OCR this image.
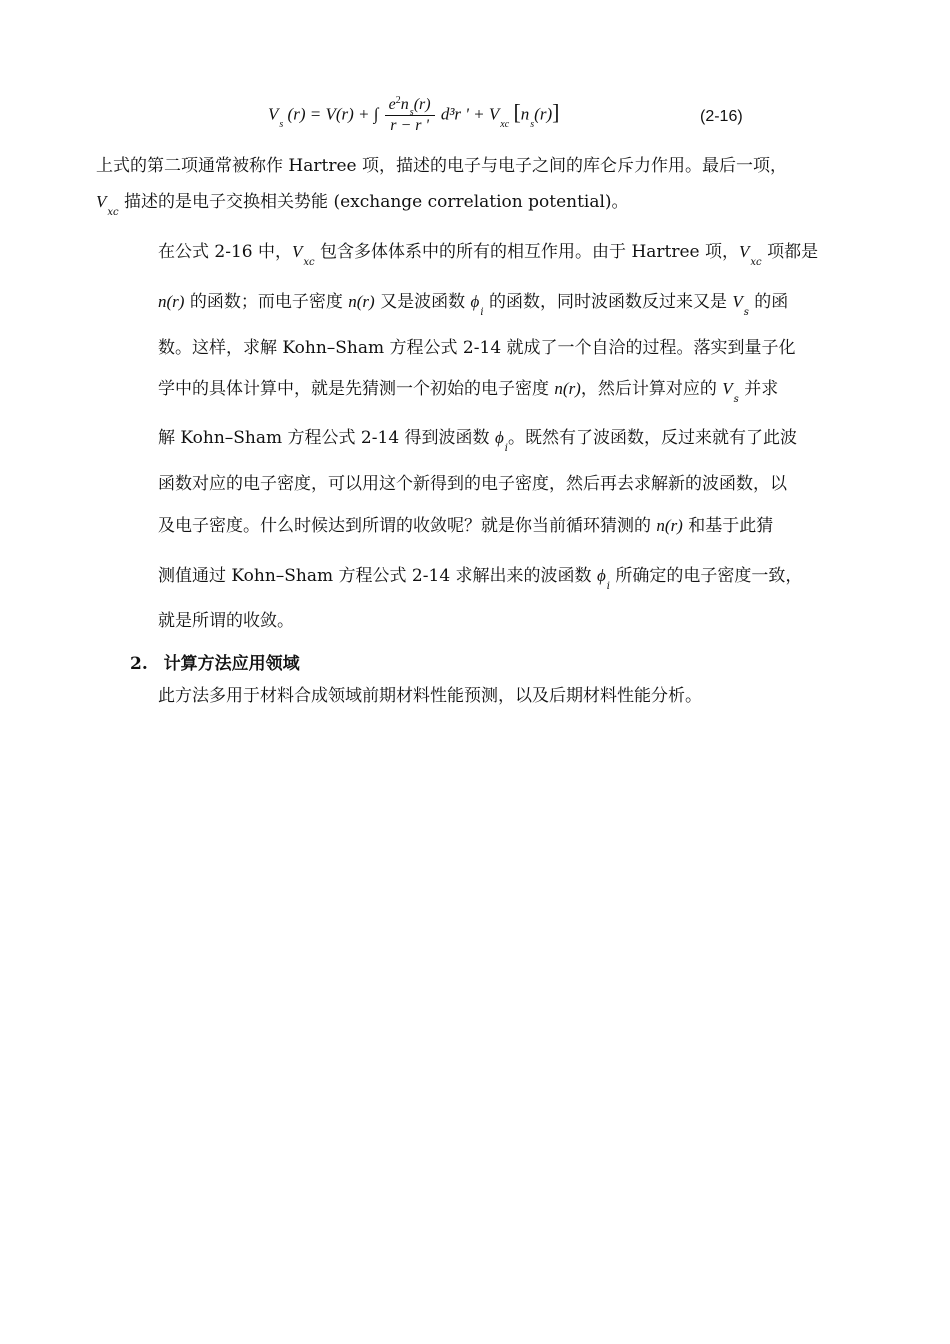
$V_s$ (r) = V(r) + ∫ $\frac{e^2n_s(r)}{r - r '} d^3r$ ' + $V_{xc}$ $[n_s(r)]$	(2-16)
上式的第二项通常被称作 Hartree 项，描述的电子与电子之间的库仑斥力作用。最后一项，
$V_{xc}$ 描述的是电子交换相关势能 (exchange correlation potential)。
在公式 2-16 中，$V_{xc}$ 包含多体体系中的所有的相互作用。由于 Hartree 项，$V_{xc}$ 项都是
n(r) 的函数；而电子密度 n(r) 又是波函数 $\phi_i$ 的函数，同时波函数反过来又是 $V_s$ 的函
数。这样，求解 Kohn–Sham 方程公式 2-14 就成了一个自洽的过程。落实到量子化
学中的具体计算中，就是先猜测一个初始的电子密度 n(r)，然后计算对应的 $V_s$ 并求
解 Kohn–Sham 方程公式 2-14 得到波函数 $\phi_i$。既然有了波函数，反过来就有了此波
函数对应的电子密度，可以用这个新得到的电子密度，然后再去求解新的波函数，以
及电子密度。什么时候达到所谓的收敛呢？就是你当前循环猜测的 n(r) 和基于此猜
测值通过 Kohn–Sham 方程公式 2-14 求解出来的波函数 $\phi_i$ 所确定的电子密度一致，
就是所谓的收敛。
2. 计算方法应用领域
此方法多用于材料合成领域前期材料性能预测，以及后期材料性能分析。
